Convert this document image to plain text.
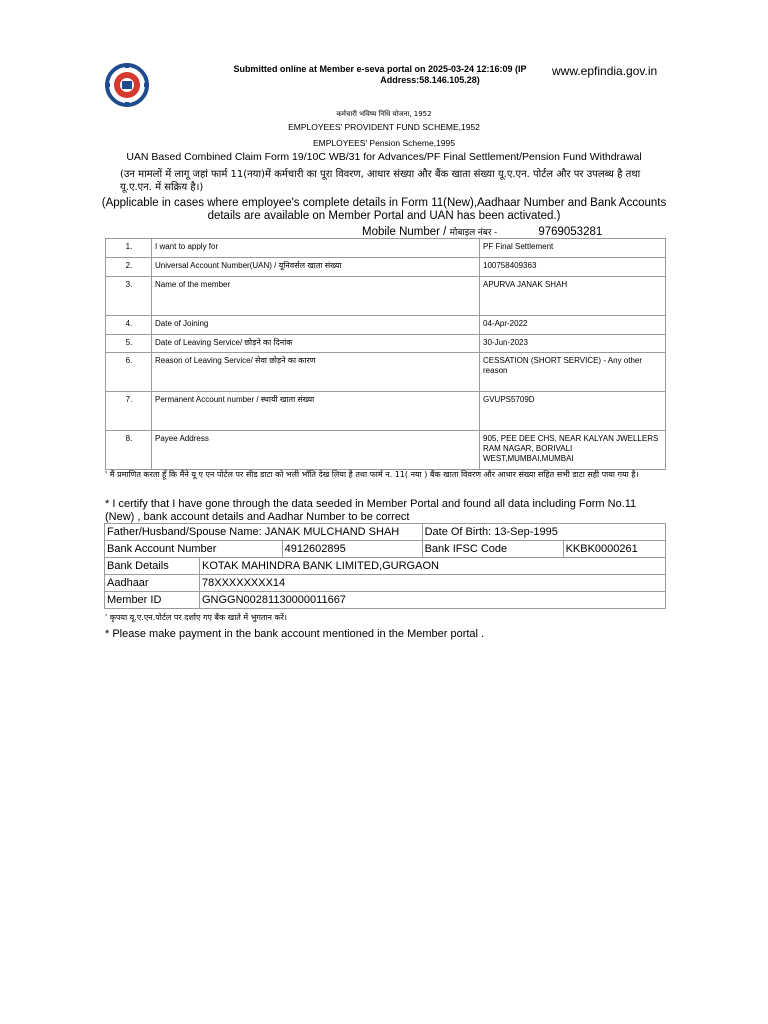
Submitted online at Member e-seva portal on 2025-03-24 12:16:09 (IP
Address:58.146.105.28)
www.epfindia.gov.in
कर्मचारी भविष्य निधि योजना, 1952
EMPLOYEES' PROVIDENT FUND SCHEME,1952
EMPLOYEES' Pension Scheme,1995
UAN Based Combined Claim Form 19/10C WB/31 for Advances/PF Final Settlement/Pension Fund Withdrawal
(उन मामलों में लागू जहां फार्म 11(नया)में कर्मचारी का पूरा विवरण, आधार संख्या और बैंक खाता संख्या यू.ए.एन. पोर्टल और पर उपलब्ध है तथा यू.ए.एन. में सक्रिय है।)
(Applicable in cases where employee's complete details in Form 11(New),Aadhaar Number and Bank Accounts details are available on Member Portal and UAN has been activated.)
Mobile Number / मोबाइल नंबर -	9769053281
1.	I want to apply for	PF Final Settlement
2.	Universal Account Number(UAN) / यूनिवर्सल खाता संख्या	100758409363
3.	Name of the member	APURVA JANAK SHAH
4.	Date of Joining	04-Apr-2022
5.	Date of Leaving Service/ छोड़ने का दिनांक	30-Jun-2023
6.	Reason of Leaving Service/ सेवा छोड़ने का कारण	CESSATION (SHORT SERVICE) - Any other reason
7.	Permanent Account number / स्थायी खाता संख्या	GVUPS5709D
8.	Payee Address	905, PEE DEE CHS, NEAR KALYAN JWELLERS RAM NAGAR, BORIVALI WEST,MUMBAI,MUMBAI
' मैं प्रमाणित करता हूँ कि मैंने यू ए एन पोर्टल पर सीड डाटा को भली भाँति देख लिया है तथा फार्म न. 11( नया ) बैंक खाता विवरण और आधार संख्या सहित सभी डाटा सही पाया गया है।
* I certify that I have gone through the data seeded in Member Portal and found all data including Form No.11 (New) , bank account details and Aadhar Number to be correct
Father/Husband/Spouse Name: JANAK MULCHAND SHAH			Date Of Birth: 13-Sep-1995	
Bank Account Number		4912602895	Bank IFSC Code	KKBK0000261
Bank Details	KOTAK MAHINDRA BANK LIMITED,GURGAON			
Aadhaar	78XXXXXXXX14			
Member ID	GNGGN00281130000011667			
' कृपया यू.ए.एन.पोर्टल पर दर्शाए गए बैंक खाते में भुगतान करें।
* Please make payment in the bank account mentioned in the Member portal .
